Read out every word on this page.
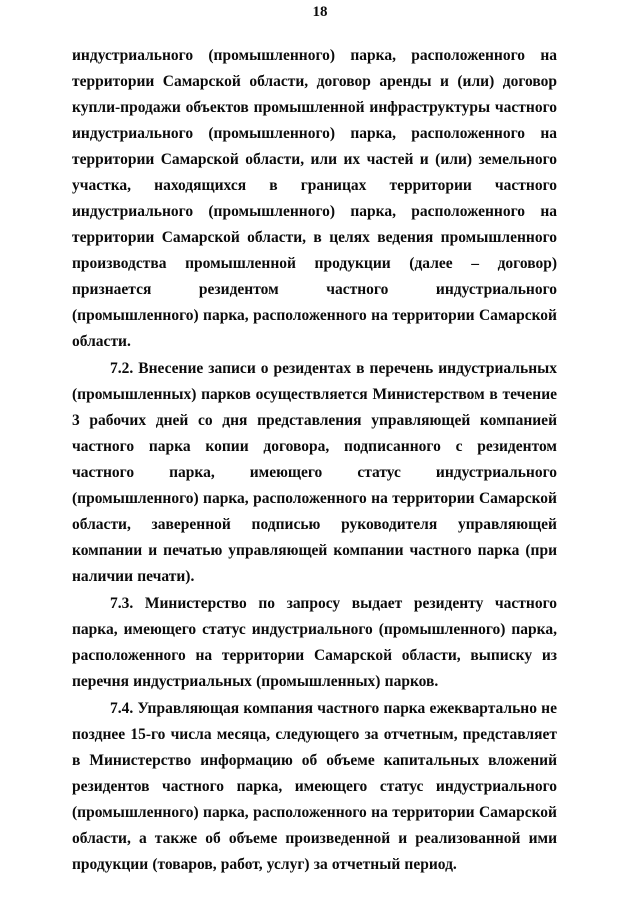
18

индустриального (промышленного) парка, расположенного на территории Самарской области, договор аренды и (или) договор купли-продажи объектов промышленной инфраструктуры частного индустриального (промышленного) парка, расположенного на территории Самарской области, или их частей и (или) земельного участка, находящихся в границах территории частного индустриального (промышленного) парка, расположенного на территории Самарской области, в целях ведения промышленного производства промышленной продукции (далее – договор) признается резидентом частного индустриального (промышленного) парка, расположенного на территории Самарской области.

7.2. Внесение записи о резидентах в перечень индустриальных (промышленных) парков осуществляется Министерством в течение 3 рабочих дней со дня представления управляющей компанией частного парка копии договора, подписанного с резидентом частного парка, имеющего статус индустриального (промышленного) парка, расположенного на территории Самарской области, заверенной подписью руководителя управляющей компании и печатью управляющей компании частного парка (при наличии печати).

7.3. Министерство по запросу выдает резиденту частного парка, имеющего статус индустриального (промышленного) парка, расположенного на территории Самарской области, выписку из перечня индустриальных (промышленных) парков.

7.4. Управляющая компания частного парка ежеквартально не позднее 15-го числа месяца, следующего за отчетным, представляет в Министерство информацию об объеме капитальных вложений резидентов частного парка, имеющего статус индустриального (промышленного) парка, расположенного на территории Самарской области, а также об объеме произведенной и реализованной ими продукции (товаров, работ, услуг) за отчетный период.
